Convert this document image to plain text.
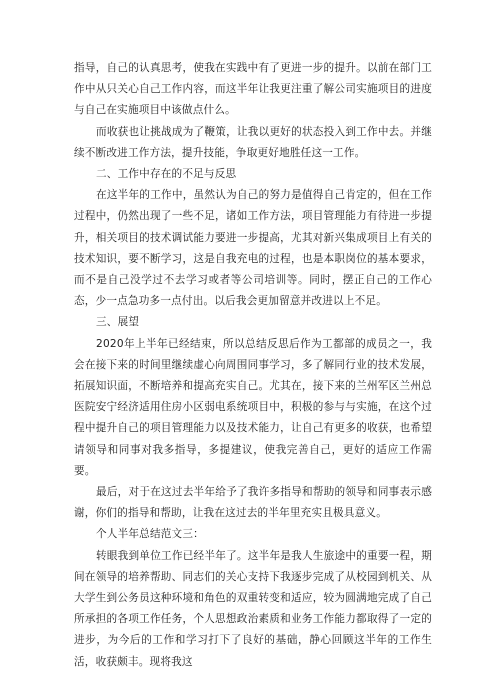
指导，自己的认真思考，使我在实践中有了更进一步的提升。以前在部门工作中从只关心自己工作内容，而这半年让我更注重了解公司实施项目的进度与自己在实施项目中该做点什么。

而收获也让挑战成为了鞭策，让我以更好的状态投入到工作中去。并继续不断改进工作方法，提升技能，争取更好地胜任这一工作。

二、工作中存在的不足与反思

在这半年的工作中，虽然认为自己的努力是值得自己肯定的，但在工作过程中，仍然出现了一些不足，诸如工作方法，项目管理能力有待进一步提升，相关项目的技术调试能力要进一步提高，尤其对新兴集成项目上有关的技术知识，要不断学习，这是自我充电的过程，也是本职岗位的基本要求，而不是自己没学过不去学习或者等公司培训等。同时，摆正自己的工作心态，少一点急功多一点付出。以后我会更加留意并改进以上不足。

三、展望

2020年上半年已经结束，所以总结反思后作为工都部的成员之一，我会在接下来的时间里继续虚心向周围同事学习，多了解同行业的技术发展，拓展知识面，不断培养和提高充实自己。尤其在，接下来的兰州军区兰州总医院安宁经济适用住房小区弱电系统项目中，积极的参与与实施，在这个过程中提升自己的项目管理能力以及技术能力，让自己有更多的收获，也希望请领导和同事对我多指导，多提建议，使我完善自己，更好的适应工作需要。

最后，对于在这过去半年给予了我许多指导和帮助的领导和同事表示感谢，你们的指导和帮助，让我在这过去的半年里充实且极具意义。

个人半年总结范文三：

转眼我到单位工作已经半年了。这半年是我人生旅途中的重要一程，期间在领导的培养帮助、同志们的关心支持下我逐步完成了从校园到机关、从大学生到公务员这种环境和角色的双重转变和适应，较为圆满地完成了自己所承担的各项工作任务，个人思想政治素质和业务工作能力都取得了一定的进步，为今后的工作和学习打下了良好的基础，静心回顾这半年的工作生活，收获颇丰。现将我这
